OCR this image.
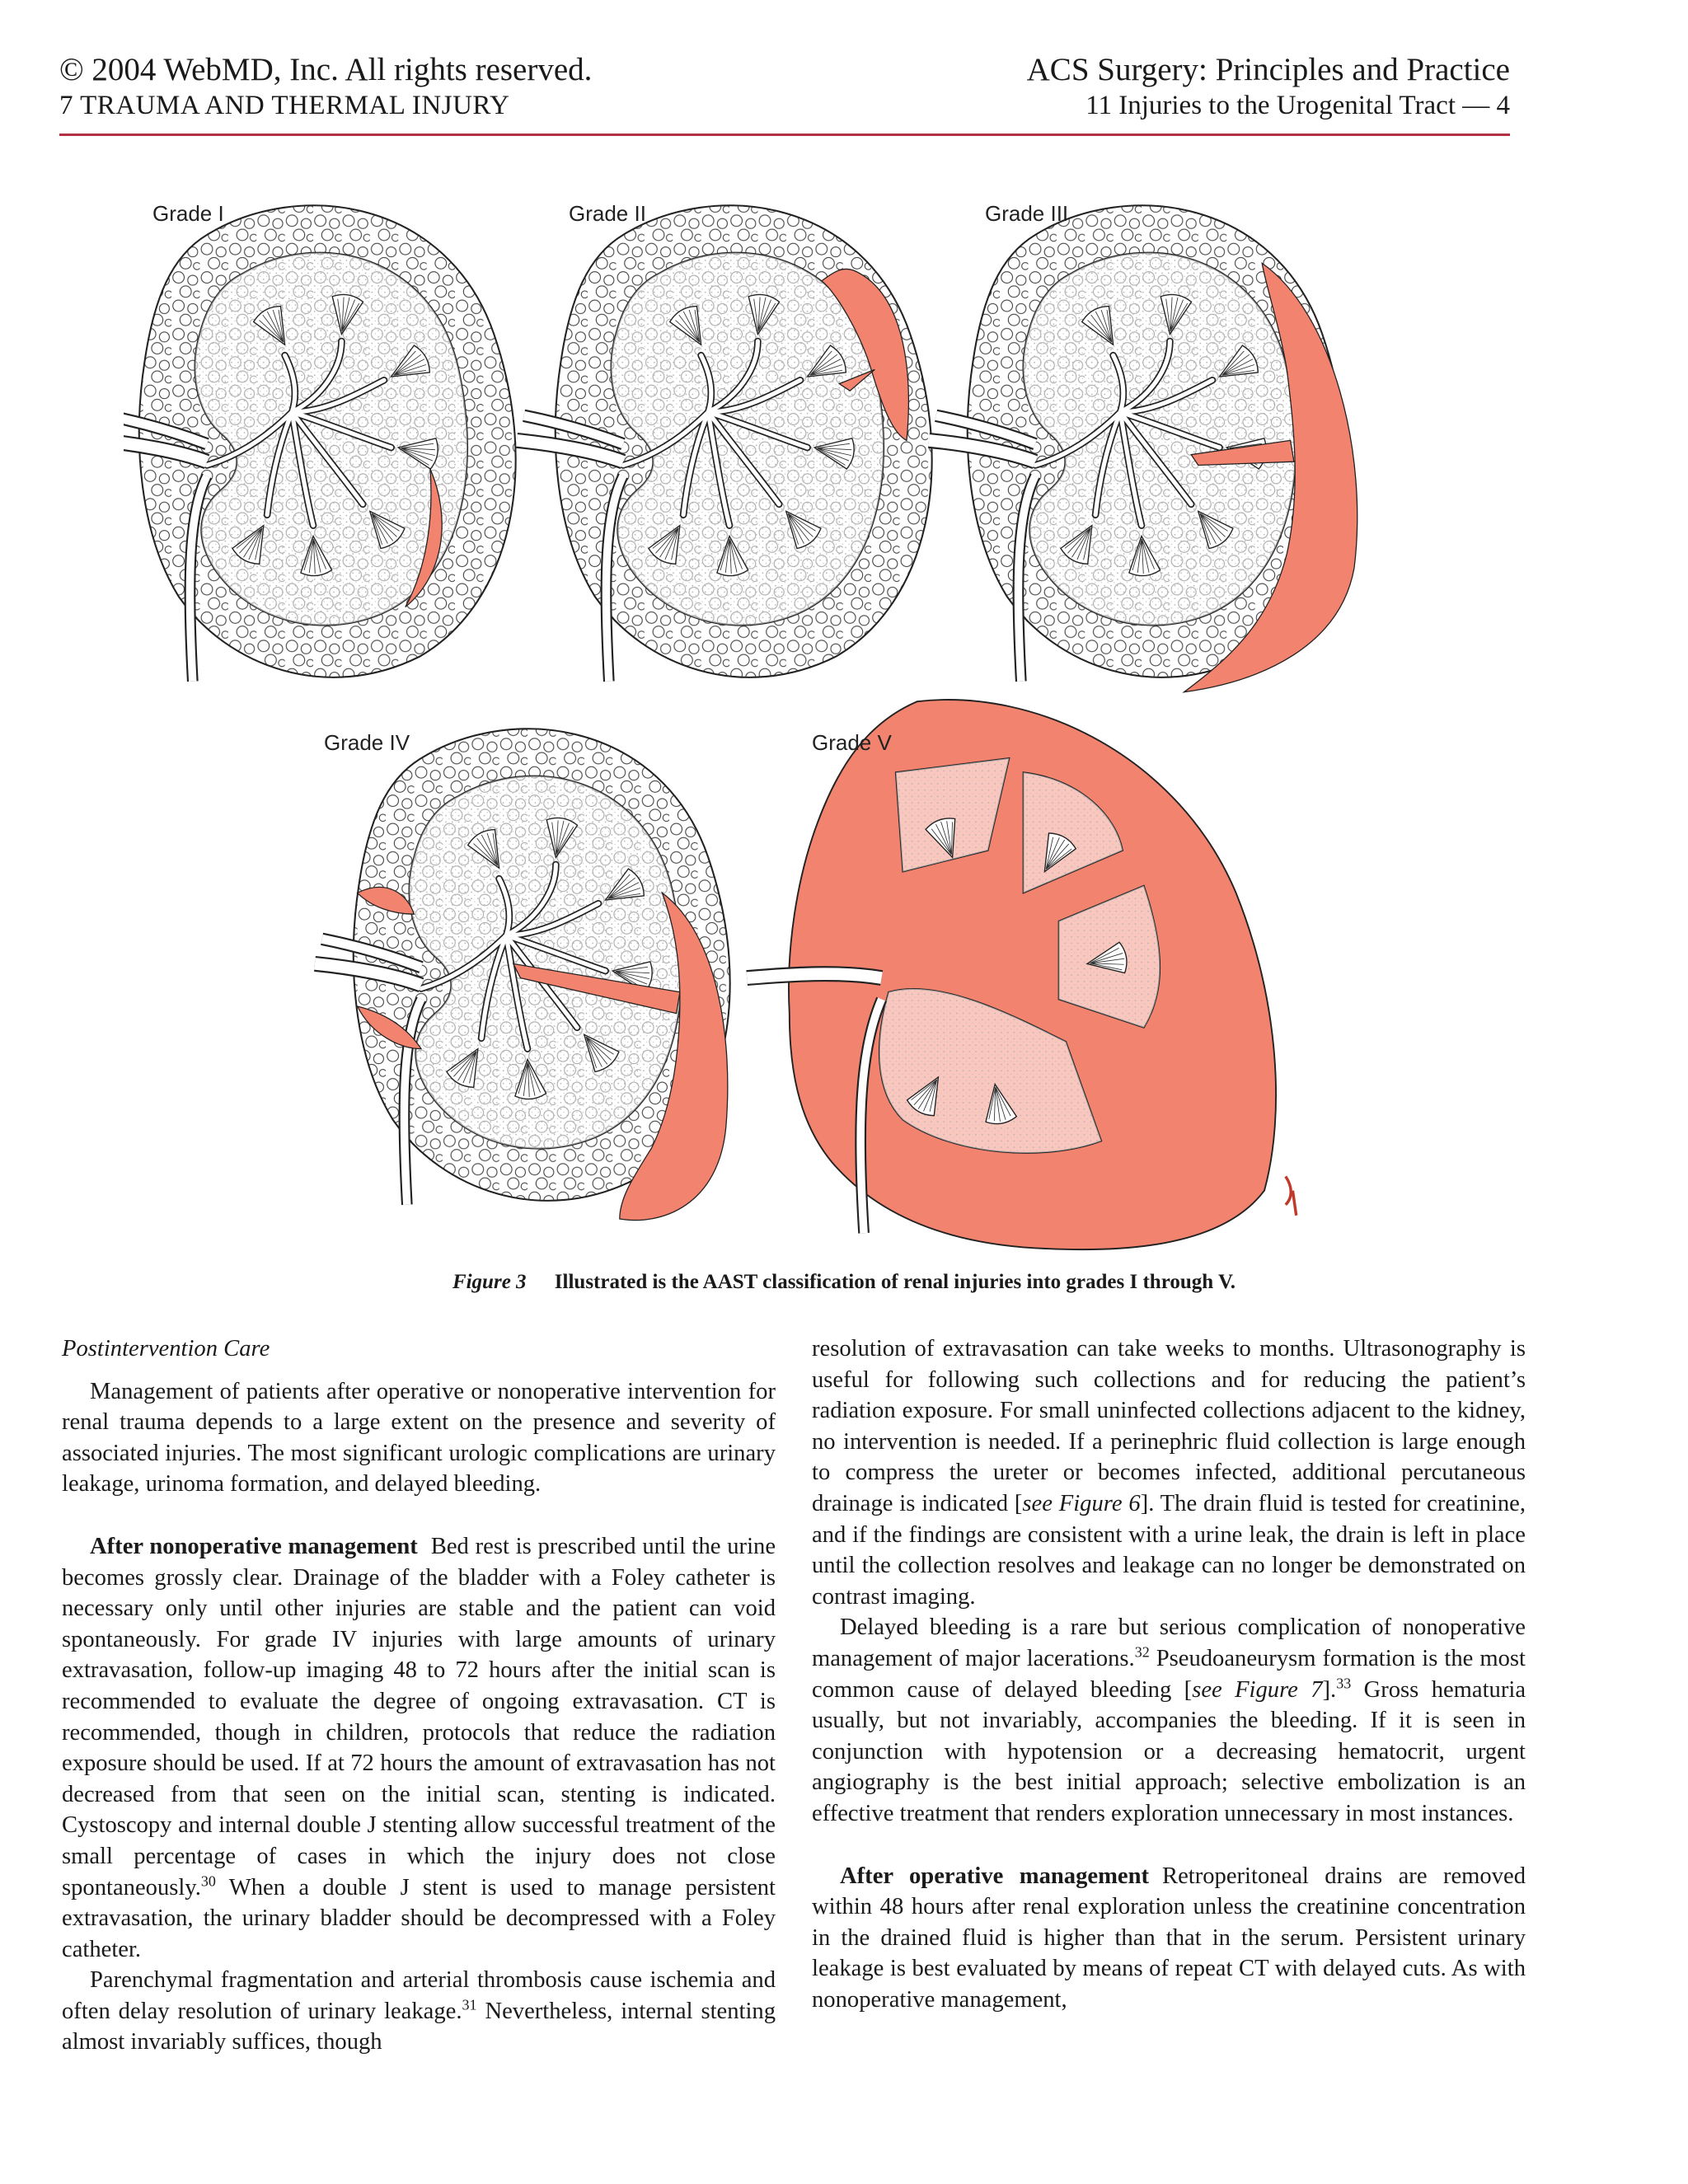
© 2004 WebMD, Inc. All rights reserved.
7 TRAUMA AND THERMAL INJURY
ACS Surgery: Principles and Practice
11 Injuries to the Urogenital Tract — 4
Grade I	Grade II	Grade III
Grade IV	Grade V
Figure 3 Illustrated is the AAST classification of renal injuries into grades I through V.

Postintervention Care

Management of patients after operative or nonoperative intervention for renal trauma depends to a large extent on the presence and severity of associated injuries. The most significant urologic complications are urinary leakage, urinoma formation, and delayed bleeding.

After nonoperative management Bed rest is prescribed until the urine becomes grossly clear. Drainage of the bladder with a Foley catheter is necessary only until other injuries are stable and the patient can void spontaneously. For grade IV injuries with large amounts of urinary extravasation, follow-up imaging 48 to 72 hours after the initial scan is recommended to evaluate the degree of ongoing extravasation. CT is recommended, though in children, protocols that reduce the radiation exposure should be used. If at 72 hours the amount of extravasation has not decreased from that seen on the initial scan, stenting is indicated. Cystoscopy and internal double J stenting allow successful treatment of the small percentage of cases in which the injury does not close spontaneously.$^{30}$ When a double J stent is used to manage persistent extravasation, the urinary bladder should be decompressed with a Foley catheter.

Parenchymal fragmentation and arterial thrombosis cause ischemia and often delay resolution of urinary leakage.$^{31}$ Nevertheless, internal stenting almost invariably suffices, though

resolution of extravasation can take weeks to months. Ultrasonography is useful for following such collections and for reducing the patient’s radiation exposure. For small uninfected collections adjacent to the kidney, no intervention is needed. If a perinephric fluid collection is large enough to compress the ureter or becomes infected, additional percutaneous drainage is indicated [see Figure 6]. The drain fluid is tested for creatinine, and if the findings are consistent with a urine leak, the drain is left in place until the collection resolves and leakage can no longer be demonstrated on contrast imaging.

Delayed bleeding is a rare but serious complication of nonoperative management of major lacerations.$^{32}$ Pseudoaneurysm formation is the most common cause of delayed bleeding [see Figure 7].$^{33}$ Gross hematuria usually, but not invariably, accompanies the bleeding. If it is seen in conjunction with hypotension or a decreasing hematocrit, urgent angiography is the best initial approach; selective embolization is an effective treatment that renders exploration unnecessary in most instances.

After operative management Retroperitoneal drains are removed within 48 hours after renal exploration unless the creatinine concentration in the drained fluid is higher than that in the serum. Persistent urinary leakage is best evaluated by means of repeat CT with delayed cuts. As with nonoperative management,
